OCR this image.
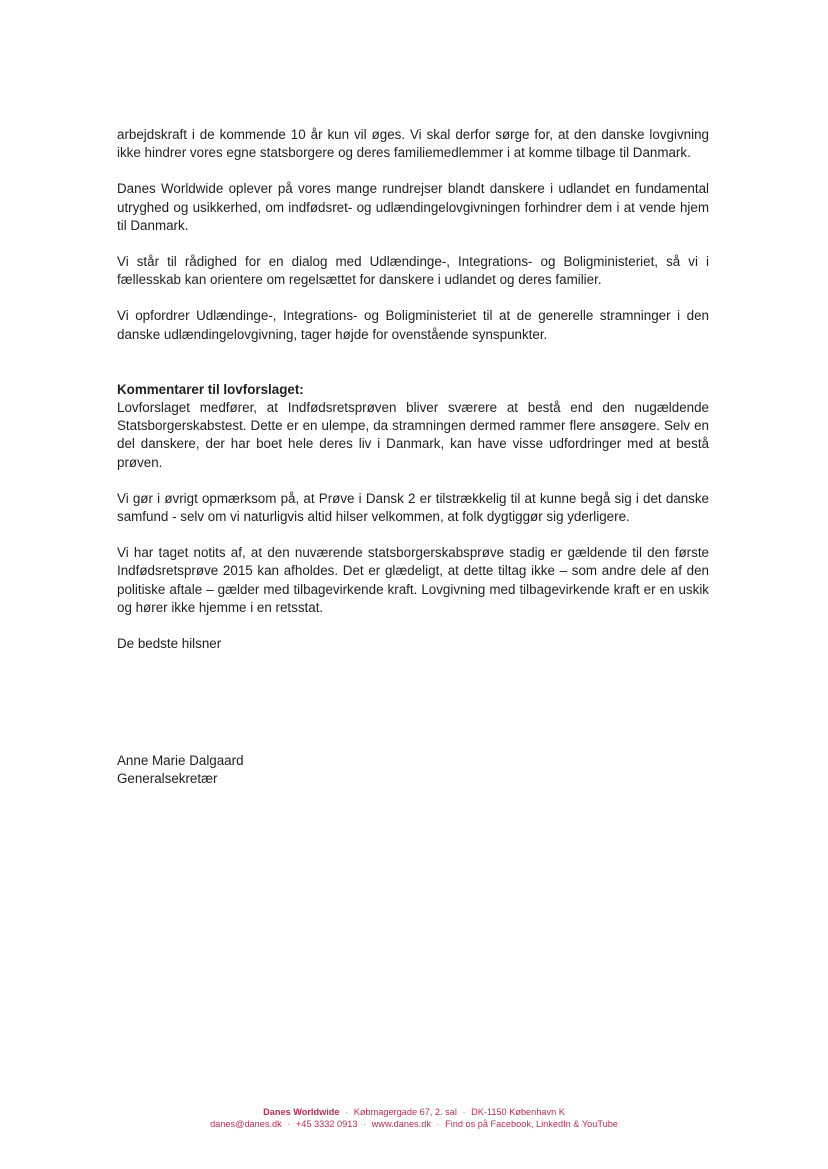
arbejdskraft i de kommende 10 år kun vil øges. Vi skal derfor sørge for, at den danske lovgivning ikke hindrer vores egne statsborgere og deres familiemedlemmer i at komme tilbage til Danmark.

Danes Worldwide oplever på vores mange rundrejser blandt danskere i udlandet en fundamental utryghed og usikkerhed, om indfødsret- og udlændingelovgivningen forhindrer dem i at vende hjem til Danmark.

Vi står til rådighed for en dialog med Udlændinge-, Integrations- og Boligministeriet, så vi i fællesskab kan orientere om regelsættet for danskere i udlandet og deres familier.

Vi opfordrer Udlændinge-, Integrations- og Boligministeriet til at de generelle stramninger i den danske udlændingelovgivning, tager højde for ovenstående synspunkter.

Kommentarer til lovforslaget:

Lovforslaget medfører, at Indfødsretsprøven bliver sværere at bestå end den nugældende Statsborgerskabstest. Dette er en ulempe, da stramningen dermed rammer flere ansøgere. Selv en del danskere, der har boet hele deres liv i Danmark, kan have visse udfordringer med at bestå prøven.

Vi gør i øvrigt opmærksom på, at Prøve i Dansk 2 er tilstrækkelig til at kunne begå sig i det danske samfund - selv om vi naturligvis altid hilser velkommen, at folk dygtiggør sig yderligere.

Vi har taget notits af, at den nuværende statsborgerskabsprøve stadig er gældende til den første Indfødsretsprøve 2015 kan afholdes. Det er glædeligt, at dette tiltag ikke – som andre dele af den politiske aftale – gælder med tilbagevirkende kraft. Lovgivning med tilbagevirkende kraft er en uskik og hører ikke hjemme i en retsstat.

De bedste hilsner

Anne Marie Dalgaard
Generalsekretær
Danes Worldwide · Købmagergade 67, 2. sal · DK-1150 København K
danes@danes.dk · +45 3332 0913 · www.danes.dk · Find os på Facebook, LinkedIn & YouTube
